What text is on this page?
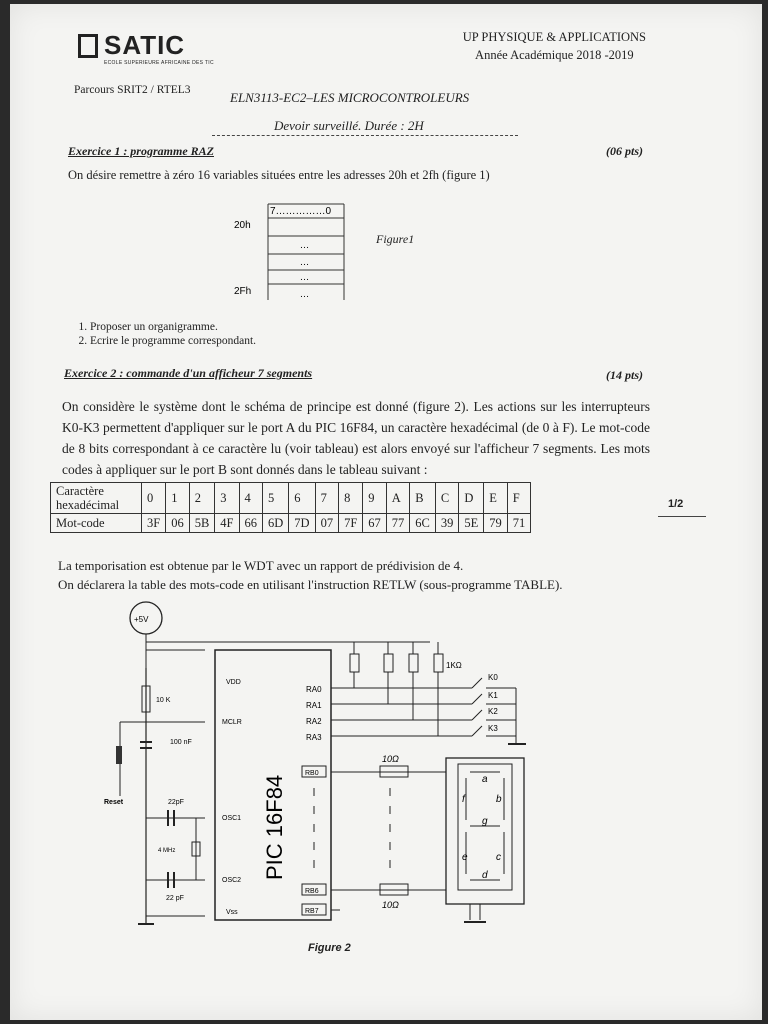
SATIC
ECOLE SUPERIEURE AFRICAINE DES TIC
UP PHYSIQUE & APPLICATIONS
Année Académique 2018 -2019
Parcours SRIT2 / RTEL3	ELN3113-EC2–LES MICROCONTROLEURS
Devoir surveillé. Durée : 2H
Exercice 1 : programme RAZ	(06 pts)
On désire remettre à zéro 16 variables situées entre les adresses 20h et 2fh (figure 1)
7……………0
20h
2Fh
…
…
…
…
Figure1
1. Proposer un organigramme.
2. Ecrire le programme correspondant.
Exercice 2 : commande d'un afficheur 7 segments	(14 pts)
On considère le système dont le schéma de principe est donné (figure 2). Les actions sur les interrupteurs K0-K3 permettent d'appliquer sur le port A du PIC 16F84, un caractère hexadécimal (de 0 à F). Le mot-code de 8 bits correspondant à ce caractère lu (voir tableau) est alors envoyé sur l'afficheur 7 segments. Les mots codes à appliquer sur le port B sont donnés dans le tableau suivant :
Caractère hexadécimal	0	1	2	3	4	5	6	7	8	9	A	B	C	D	E	F
Mot-code	3F	06	5B	4F	66	6D	7D	07	7F	67	77	6C	39	5E	79	71
1/2
La temporisation est obtenue par le WDT avec un rapport de prédivision de 4.
On déclarera la table des mots-code en utilisant l'instruction RETLW (sous-programme TABLE).
+5V
10 K
Reset
100 nF
22pF
22 pF
4 MHz
VDD
MCLR
OSC1
OSC2
Vss
PIC 16F84
RA0
RA1
RA2
RA3
RB0
RB6
RB7
1KΩ
K0
K1
K2
K3
10Ω
10Ω
a
b
c
d
e
f
g
Figure 2
